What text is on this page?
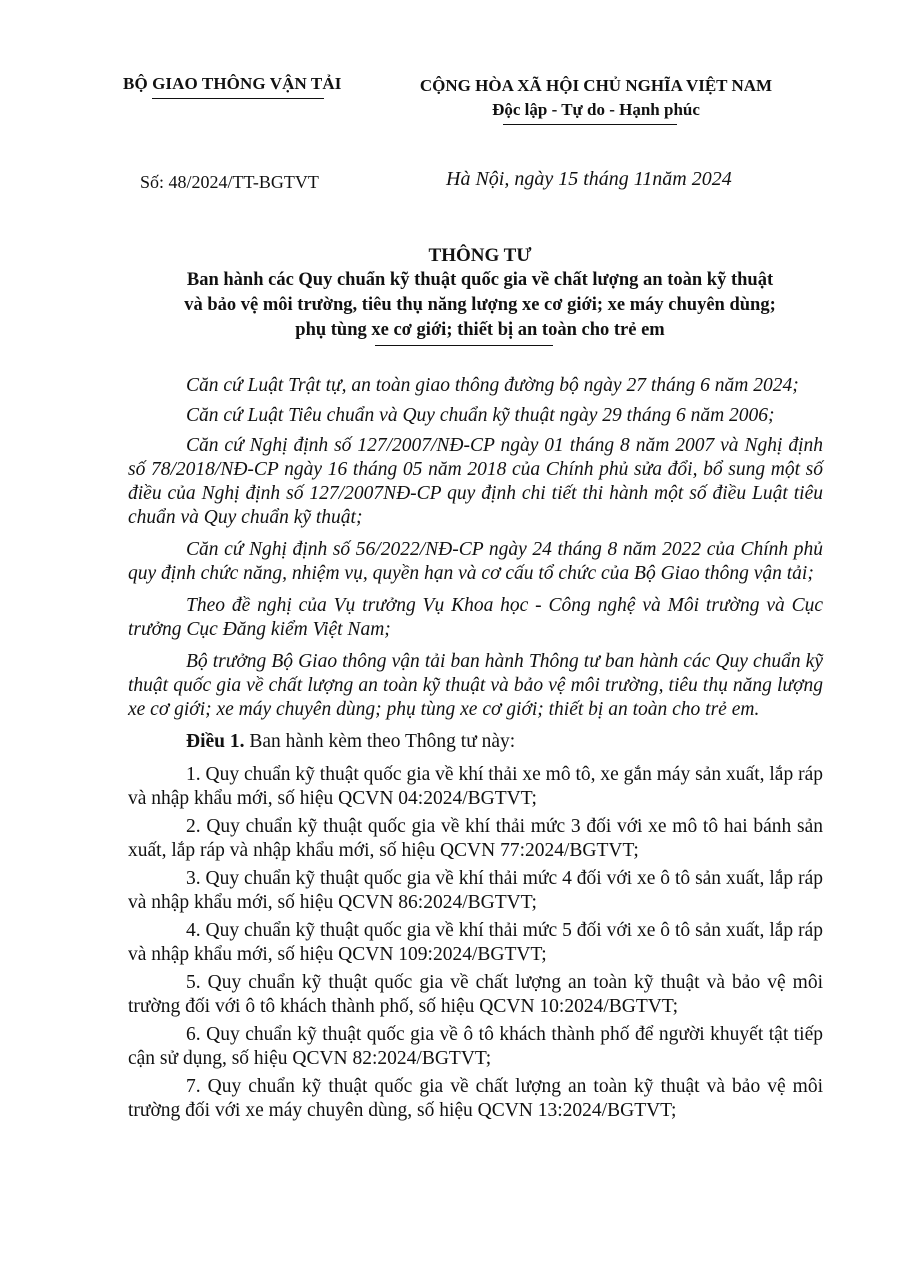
BỘ GIAO THÔNG VẬN TẢI	CỘNG HÒA XÃ HỘI CHỦ NGHĨA VIỆT NAM
Độc lập - Tự do - Hạnh phúc
Số: 48/2024/TT-BGTVT	Hà Nội, ngày 15 tháng 11năm 2024
THÔNG TƯ
Ban hành các Quy chuẩn kỹ thuật quốc gia về chất lượng an toàn kỹ thuật
và bảo vệ môi trường, tiêu thụ năng lượng xe cơ giới; xe máy chuyên dùng;
phụ tùng xe cơ giới; thiết bị an toàn cho trẻ em

Căn cứ Luật Trật tự, an toàn giao thông đường bộ ngày 27 tháng 6 năm 2024;

Căn cứ Luật Tiêu chuẩn và Quy chuẩn kỹ thuật ngày 29 tháng 6 năm 2006;

Căn cứ Nghị định số 127/2007/NĐ-CP ngày 01 tháng 8 năm 2007 và Nghị định số 78/2018/NĐ-CP ngày 16 tháng 05 năm 2018 của Chính phủ sửa đổi, bổ sung một số điều của Nghị định số 127/2007NĐ-CP quy định chi tiết thi hành một số điều Luật tiêu chuẩn và Quy chuẩn kỹ thuật;

Căn cứ Nghị định số 56/2022/NĐ-CP ngày 24 tháng 8 năm 2022 của Chính phủ quy định chức năng, nhiệm vụ, quyền hạn và cơ cấu tổ chức của Bộ Giao thông vận tải;

Theo đề nghị của Vụ trưởng Vụ Khoa học - Công nghệ và Môi trường và Cục trưởng Cục Đăng kiểm Việt Nam;

Bộ trưởng Bộ Giao thông vận tải ban hành Thông tư ban hành các Quy chuẩn kỹ thuật quốc gia về chất lượng an toàn kỹ thuật và bảo vệ môi trường, tiêu thụ năng lượng xe cơ giới; xe máy chuyên dùng; phụ tùng xe cơ giới; thiết bị an toàn cho trẻ em.

Điều 1. Ban hành kèm theo Thông tư này:

1. Quy chuẩn kỹ thuật quốc gia về khí thải xe mô tô, xe gắn máy sản xuất, lắp ráp và nhập khẩu mới, số hiệu QCVN 04:2024/BGTVT;

2. Quy chuẩn kỹ thuật quốc gia về khí thải mức 3 đối với xe mô tô hai bánh sản xuất, lắp ráp và nhập khẩu mới, số hiệu QCVN 77:2024/BGTVT;

3. Quy chuẩn kỹ thuật quốc gia về khí thải mức 4 đối với xe ô tô sản xuất, lắp ráp và nhập khẩu mới, số hiệu QCVN 86:2024/BGTVT;

4. Quy chuẩn kỹ thuật quốc gia về khí thải mức 5 đối với xe ô tô sản xuất, lắp ráp và nhập khẩu mới, số hiệu QCVN 109:2024/BGTVT;

5. Quy chuẩn kỹ thuật quốc gia về chất lượng an toàn kỹ thuật và bảo vệ môi trường đối với ô tô khách thành phố, số hiệu QCVN 10:2024/BGTVT;

6. Quy chuẩn kỹ thuật quốc gia về ô tô khách thành phố để người khuyết tật tiếp cận sử dụng, số hiệu QCVN 82:2024/BGTVT;

7. Quy chuẩn kỹ thuật quốc gia về chất lượng an toàn kỹ thuật và bảo vệ môi trường đối với xe máy chuyên dùng, số hiệu QCVN 13:2024/BGTVT;
